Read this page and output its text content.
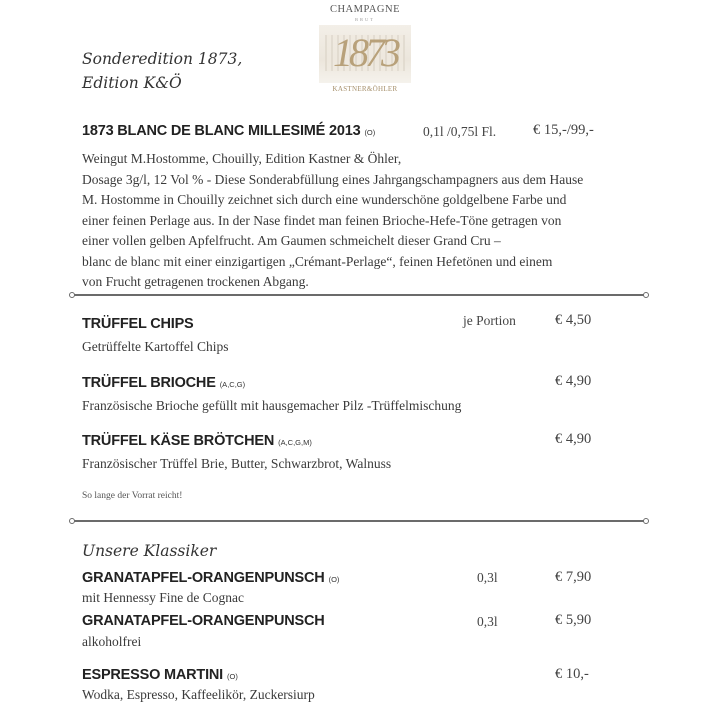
CHAMPAGNE
BRUT
1873
KASTNER&ÖHLER
Sonderedition 1873,
Edition K&Ö
1873 BLANC DE BLANC MILLESIMÉ 2013 (O)	0,1l /0,75l Fl.	€ 15,-/99,-
Weingut M.Hostomme, Chouilly, Edition Kastner & Öhler,
Dosage 3g/l, 12 Vol % - Diese Sonderabfüllung eines Jahrgangschampagners aus dem Hause
M. Hostomme in Chouilly zeichnet sich durch eine wunderschöne goldgelbene Farbe und
einer feinen Perlage aus. In der Nase findet man feinen Brioche-Hefe-Töne getragen von
einer vollen gelben Apfelfrucht. Am Gaumen schmeichelt dieser Grand Cru –
blanc de blanc mit einer einzigartigen „Crémant-Perlage“, feinen Hefetönen und einem
von Frucht getragenen trockenen Abgang.
TRÜFFEL CHIPS	je Portion	€ 4,50
Getrüffelte Kartoffel Chips
TRÜFFEL BRIOCHE (A,C,G)	€ 4,90
Französische Brioche gefüllt mit hausgemacher Pilz -Trüffelmischung
TRÜFFEL KÄSE BRÖTCHEN (A,C,G,M)	€ 4,90
Französischer Trüffel Brie, Butter, Schwarzbrot, Walnuss
So lange der Vorrat reicht!
Unsere Klassiker
GRANATAPFEL-ORANGENPUNSCH (O)	0,3l	€ 7,90
mit Hennessy Fine de Cognac
GRANATAPFEL-ORANGENPUNSCH	0,3l	€ 5,90
alkoholfrei
ESPRESSO MARTINI (O)	€ 10,-
Wodka, Espresso, Kaffeelikör, Zuckersiurp
